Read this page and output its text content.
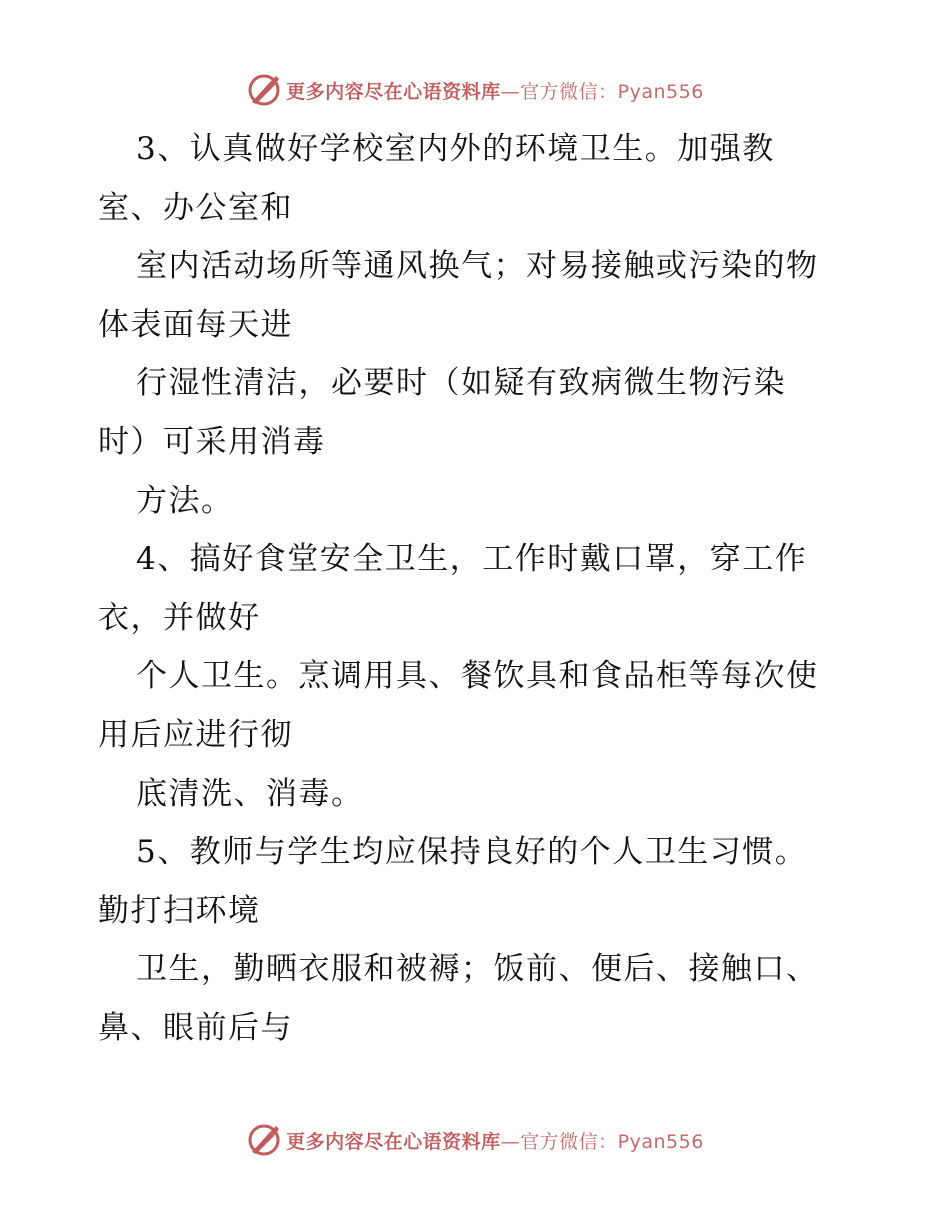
更多内容尽在心语资料库—官方微信：Pyan556
3、认真做好学校室内外的环境卫生。加强教
室、办公室和
室内活动场所等通风换气；对易接触或污染的物
体表面每天进
行湿性清洁，必要时（如疑有致病微生物污染
时）可采用消毒
方法。
4、搞好食堂安全卫生，工作时戴口罩，穿工作
衣，并做好
个人卫生。烹调用具、餐饮具和食品柜等每次使
用后应进行彻
底清洗、消毒。
5、教师与学生均应保持良好的个人卫生习惯。
勤打扫环境
卫生，勤晒衣服和被褥；饭前、便后、接触口、
鼻、眼前后与
更多内容尽在心语资料库—官方微信：Pyan556
